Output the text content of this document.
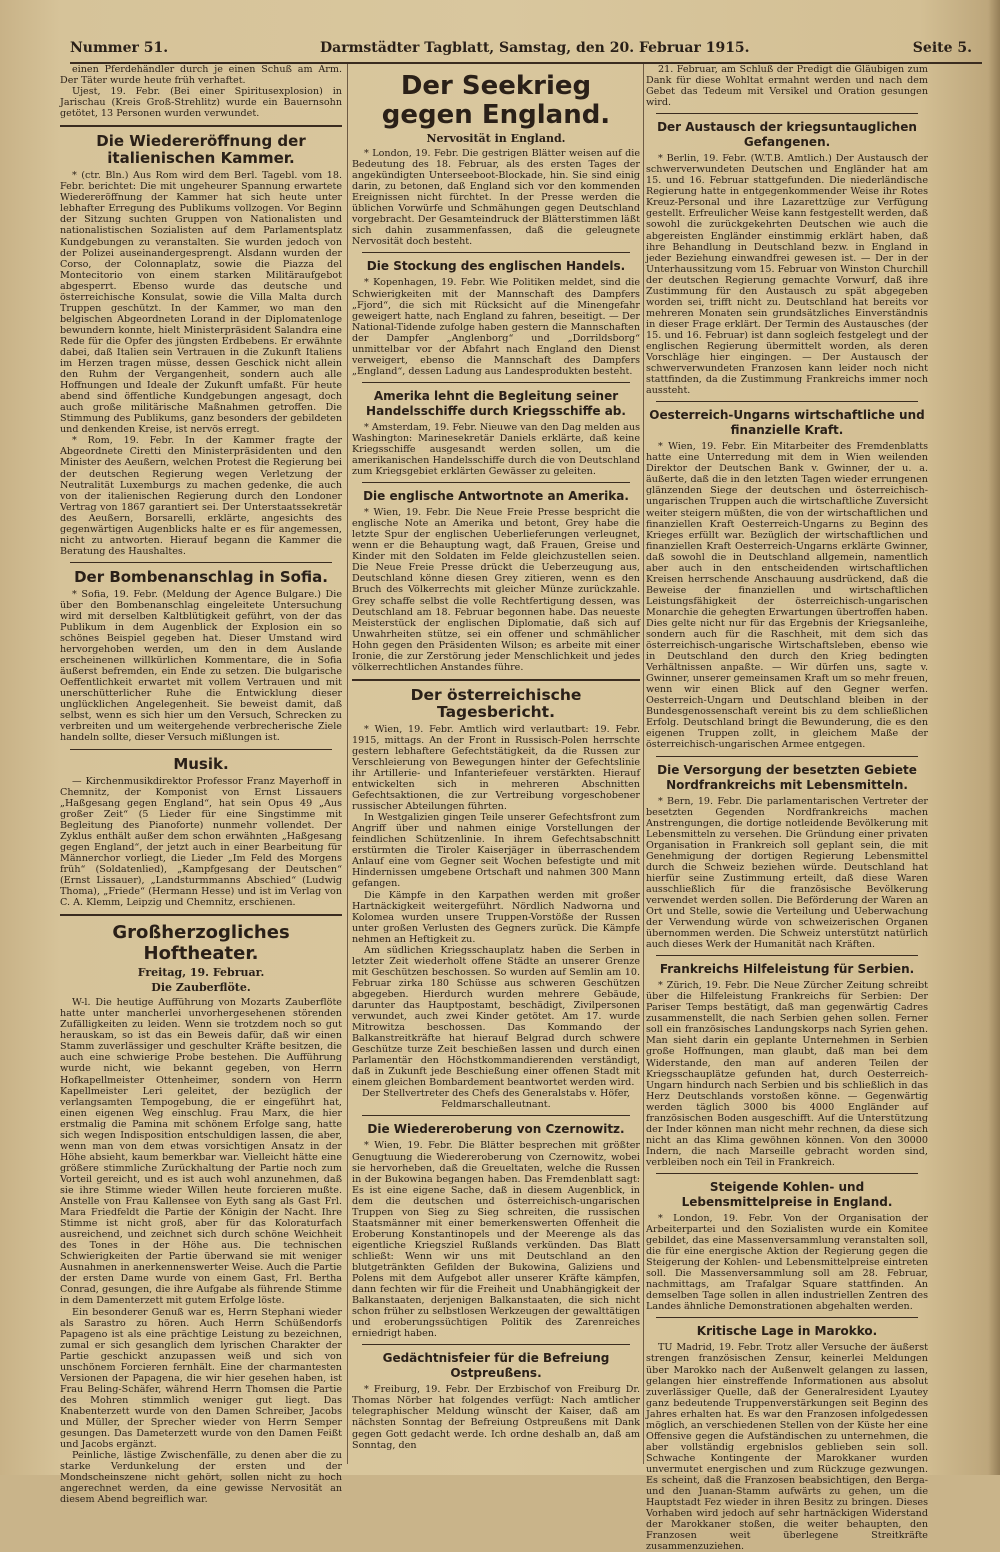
Nummer 51.	Darmstädter Tagblatt, Samstag, den 20. Februar 1915.	Seite 5.

einen Pferdehändler durch je einen Schuß am Arm. Der Täter wurde heute früh verhaftet.

Ujest, 19. Febr. (Bei einer Spiritusexplosion) in Jarischau (Kreis Groß-Strehlitz) wurde ein Bauernsohn getötet, 13 Personen wurden verwundet.

Die Wiedereröffnung der italienischen Kammer.

* (ctr. Bln.) Aus Rom wird dem Berl. Tagebl. vom 18. Febr. berichtet: Die mit ungeheurer Spannung erwartete Wiedereröffnung der Kammer hat sich heute unter lebhafter Erregung des Publikums vollzogen. Vor Beginn der Sitzung suchten Gruppen von Nationalisten und nationalistischen Sozialisten auf dem Parlamentsplatz Kundgebungen zu veranstalten. Sie wurden jedoch von der Polizei auseinandergesprengt. Alsdann wurden der Corso, der Colonnaplatz, sowie die Piazza del Montecitorio von einem starken Militäraufgebot abgesperrt. Ebenso wurde das deutsche und österreichische Konsulat, sowie die Villa Malta durch Truppen geschützt. In der Kammer, wo man den belgischen Abgeordneten Lorand in der Diplomatenloge bewundern konnte, hielt Ministerpräsident Salandra eine Rede für die Opfer des jüngsten Erdbebens. Er erwähnte dabei, daß Italien sein Vertrauen in die Zukunft Italiens im Herzen tragen müsse, dessen Geschick nicht allein den Ruhm der Vergangenheit, sondern auch alle Hoffnungen und Ideale der Zukunft umfaßt. Für heute abend sind öffentliche Kundgebungen angesagt, doch auch große militärische Maßnahmen getroffen. Die Stimmung des Publikums, ganz besonders der gebildeten und denkenden Kreise, ist nervös erregt.

* Rom, 19. Febr. In der Kammer fragte der Abgeordnete Ciretti den Ministerpräsidenten und den Minister des Aeußern, welchen Protest die Regierung bei der deutschen Regierung wegen Verletzung der Neutralität Luxemburgs zu machen gedenke, die auch von der italienischen Regierung durch den Londoner Vertrag von 1867 garantiert sei. Der Unterstaatssekretär des Aeußern, Borsarelli, erklärte, angesichts des gegenwärtigen Augenblicks halte er es für angemessen, nicht zu antworten. Hierauf begann die Kammer die Beratung des Haushaltes.

Der Bombenanschlag in Sofia.

* Sofia, 19. Febr. (Meldung der Agence Bulgare.) Die über den Bombenanschlag eingeleitete Untersuchung wird mit derselben Kaltblütigkeit geführt, von der das Publikum in dem Augenblick der Explosion ein so schönes Beispiel gegeben hat. Dieser Umstand wird hervorgehoben werden, um den in dem Auslande erscheinenen willkürlichen Kommentare, die in Sofia äußerst befremden, ein Ende zu setzen. Die bulgarische Oeffentlichkeit erwartet mit vollem Vertrauen und mit unerschütterlicher Ruhe die Entwicklung dieser unglücklichen Angelegenheit. Sie beweist damit, daß selbst, wenn es sich hier um den Versuch, Schrecken zu verbreiten und um weitergehende verbrecherische Ziele handeln sollte, dieser Versuch mißlungen ist.

Musik.

— Kirchenmusikdirektor Professor Franz Mayerhoff in Chemnitz, der Komponist von Ernst Lissauers „Haßgesang gegen England“, hat sein Opus 49 „Aus großer Zeit“ (5 Lieder für eine Singstimme mit Begleitung des Pianoforte) nunmehr vollendet. Der Zyklus enthält außer dem schon erwähnten „Haßgesang gegen England“, der jetzt auch in einer Bearbeitung für Männerchor vorliegt, die Lieder „Im Feld des Morgens früh“ (Soldatenlied), „Kampfgesang der Deutschen“ (Ernst Lissauer), „Landsturmmanns Abschied“ (Ludwig Thoma), „Friede“ (Hermann Hesse) und ist im Verlag von C. A. Klemm, Leipzig und Chemnitz, erschienen.

Großherzogliches Hoftheater.
Freitag, 19. Februar.
Die Zauberflöte.

W-l. Die heutige Aufführung von Mozarts Zauberflöte hatte unter mancherlei unvorhergesehenen störenden Zufälligkeiten zu leiden. Wenn sie trotzdem noch so gut herauskam, so ist das ein Beweis dafür, daß wir einen Stamm zuverlässiger und geschulter Kräfte besitzen, die auch eine schwierige Probe bestehen. Die Aufführung wurde nicht, wie bekannt gegeben, von Herrn Hofkapellmeister Ottenheimer, sondern von Herrn Kapellmeister Leri geleitet, der bezüglich der verlangsamten Tempogebung, die er eingeführt hat, einen eigenen Weg einschlug. Frau Marx, die hier erstmalig die Pamina mit schönem Erfolge sang, hatte sich wegen Indisposition entschuldigen lassen, die aber, wenn man von dem etwas vorsichtigen Ansatz in der Höhe absieht, kaum bemerkbar war. Vielleicht hätte eine größere stimmliche Zurückhaltung der Partie noch zum Vorteil gereicht, und es ist auch wohl anzunehmen, daß sie ihre Stimme wieder Willen heute forcieren mußte. Anstelle von Frau Kallensee von Eyth sang als Gast Frl. Mara Friedfeldt die Partie der Königin der Nacht. Ihre Stimme ist nicht groß, aber für das Koloraturfach ausreichend, und zeichnet sich durch schöne Weichheit des Tones in der Höhe aus. Die technischen Schwierigkeiten der Partie überwand sie mit weniger Ausnahmen in anerkennenswerter Weise. Auch die Partie der ersten Dame wurde von einem Gast, Frl. Bertha Conrad, gesungen, die ihre Aufgabe als führende Stimme in dem Damenterzett mit gutem Erfolge löste.

Ein besonderer Genuß war es, Herrn Stephani wieder als Sarastro zu hören. Auch Herrn Schüßendorfs Papageno ist als eine prächtige Leistung zu bezeichnen, zumal er sich gesanglich dem lyrischen Charakter der Partie geschickt anzupassen weiß und sich von unschönem Forcieren fernhält. Eine der charmantesten Versionen der Papagena, die wir hier gesehen haben, ist Frau Beling-Schäfer, während Herrn Thomsen die Partie des Mohren stimmlich weniger gut liegt. Das Knabenterzett wurde von den Damen Schreiber, Jacobs und Müller, der Sprecher wieder von Herrn Semper gesungen. Das Dameterzett wurde von den Damen Feißt und Jacobs ergänzt.

Peinliche, lästige Zwischenfälle, zu denen aber die zu starke Verdunkelung der ersten und der Mondscheinszene nicht gehört, sollen nicht zu hoch angerechnet werden, da eine gewisse Nervosität an diesem Abend begreiflich war.

Der Seekrieg gegen England.
Nervosität in England.

* London, 19. Febr. Die gestrigen Blätter weisen auf die Bedeutung des 18. Februar, als des ersten Tages der angekündigten Unterseeboot-Blockade, hin. Sie sind einig darin, zu betonen, daß England sich vor den kommenden Ereignissen nicht fürchtet. In der Presse werden die üblichen Vorwürfe und Schmähungen gegen Deutschland vorgebracht. Der Gesamteindruck der Blätterstimmen läßt sich dahin zusammenfassen, daß die geleugnete Nervosität doch besteht.

Die Stockung des englischen Handels.

* Kopenhagen, 19. Febr. Wie Politiken meldet, sind die Schwierigkeiten mit der Mannschaft des Dampfers „Fjord“, die sich mit Rücksicht auf die Minengefahr geweigert hatte, nach England zu fahren, beseitigt. — Der National-Tidende zufolge haben gestern die Mannschaften der Dampfer „Anglenborg“ und „Dorrildsborg“ unmittelbar vor der Abfahrt nach England den Dienst verweigert, ebenso die Mannschaft des Dampfers „England“, dessen Ladung aus Landesprodukten besteht.

Amerika lehnt die Begleitung seiner Handelsschiffe durch Kriegsschiffe ab.

* Amsterdam, 19. Febr. Nieuwe van den Dag melden aus Washington: Marinesekretär Daniels erklärte, daß keine Kriegsschiffe ausgesandt werden sollen, um die amerikanischen Handelsschiffe durch die von Deutschland zum Kriegsgebiet erklärten Gewässer zu geleiten.

Die englische Antwortnote an Amerika.

* Wien, 19. Febr. Die Neue Freie Presse bespricht die englische Note an Amerika und betont, Grey habe die letzte Spur der englischen Ueberlieferungen verleugnet, wenn er die Behauptung wagt, daß Frauen, Greise und Kinder mit den Soldaten im Felde gleichzustellen seien. Die Neue Freie Presse drückt die Ueberzeugung aus, Deutschland könne diesen Grey zitieren, wenn es den Bruch des Völkerrechts mit gleicher Münze zurückzahle. Grey schaffe selbst die volle Rechtfertigung dessen, was Deutschland am 18. Februar begonnen habe. Das neueste Meisterstück der englischen Diplomatie, daß sich auf Unwahrheiten stütze, sei ein offener und schmählicher Hohn gegen den Präsidenten Wilson; es arbeite mit einer Ironie, die zur Zerstörung jeder Menschlichkeit und jedes völkerrechtlichen Anstandes führe.

Der österreichische Tagesbericht.

* Wien, 19. Febr. Amtlich wird verlautbart: 19. Febr. 1915, mittags. An der Front in Russisch-Polen herrschte gestern lebhaftere Gefechtstätigkeit, da die Russen zur Verschleierung von Bewegungen hinter der Gefechtslinie ihr Artillerie- und Infanteriefeuer verstärkten. Hierauf entwickelten sich in mehreren Abschnitten Gefechtsaktionen, die zur Vertreibung vorgeschobener russischer Abteilungen führten.

In Westgalizien gingen Teile unserer Gefechtsfront zum Angriff über und nahmen einige Vorstellungen der feindlichen Schützenlinie. In ihrem Gefechtsabschnitt erstürmten die Tiroler Kaiserjäger in überraschendem Anlauf eine vom Gegner seit Wochen befestigte und mit Hindernissen umgebene Ortschaft und nahmen 300 Mann gefangen.

Die Kämpfe in den Karpathen werden mit großer Hartnäckigkeit weitergeführt. Nördlich Nadworna und Kolomea wurden unsere Truppen-Vorstöße der Russen unter großen Verlusten des Gegners zurück. Die Kämpfe nehmen an Heftigkeit zu.

Am südlichen Kriegsschauplatz haben die Serben in letzter Zeit wiederholt offene Städte an unserer Grenze mit Geschützen beschossen. So wurden auf Semlin am 10. Februar zirka 180 Schüsse aus schweren Geschützen abgegeben. Hierdurch wurden mehrere Gebäude, darunter das Hauptpostamt, beschädigt, Zivilpersonen verwundet, auch zwei Kinder getötet. Am 17. wurde Mitrowitza beschossen. Das Kommando der Balkanstreitkräfte hat hierauf Belgrad durch schwere Geschütze turze Zeit beschießen lassen und durch einen Parlamentär den Höchstkommandierenden verständigt, daß in Zukunft jede Beschießung einer offenen Stadt mit einem gleichen Bombardement beantwortet werden wird.

Der Stellvertreter des Chefs des Generalstabs v. Höfer, Feldmarschalleutnant.

Die Wiedereroberung von Czernowitz.

* Wien, 19. Febr. Die Blätter besprechen mit größter Genugtuung die Wiedereroberung von Czernowitz, wobei sie hervorheben, daß die Greueltaten, welche die Russen in der Bukowina begangen haben. Das Fremdenblatt sagt: Es ist eine eigene Sache, daß in diesem Augenblick, in dem die deutschen und österreichisch-ungarischen Truppen von Sieg zu Sieg schreiten, die russischen Staatsmänner mit einer bemerkenswerten Offenheit die Eroberung Konstantinopels und der Meerenge als das eigentliche Kriegsziel Rußlands verkünden. Das Blatt schließt: Wenn wir uns mit Deutschland an den blutgetränkten Gefilden der Bukowina, Galiziens und Polens mit dem Aufgebot aller unserer Kräfte kämpfen, dann fechten wir für die Freiheit und Unabhängigkeit der Balkanstaaten, derjenigen Balkanstaaten, die sich nicht schon früher zu selbstlosen Werkzeugen der gewalttätigen und eroberungssüchtigen Politik des Zarenreiches erniedrigt haben.

Gedächtnisfeier für die Befreiung Ostpreußens.

* Freiburg, 19. Febr. Der Erzbischof von Freiburg Dr. Thomas Nörber hat folgendes verfügt: Nach amtlicher telegraphischer Meldung wünscht der Kaiser, daß am nächsten Sonntag der Befreiung Ostpreußens mit Dank gegen Gott gedacht werde. Ich ordne deshalb an, daß am Sonntag, den

21. Februar, am Schluß der Predigt die Gläubigen zum Dank für diese Wohltat ermahnt werden und nach dem Gebet das Tedeum mit Versikel und Oration gesungen wird.

Der Austausch der kriegsuntauglichen Gefangenen.

* Berlin, 19. Febr. (W.T.B. Amtlich.) Der Austausch der schwerverwundeten Deutschen und Engländer hat am 15. und 16. Februar stattgefunden. Die niederländische Regierung hatte in entgegenkommender Weise ihr Rotes Kreuz-Personal und ihre Lazarettzüge zur Verfügung gestellt. Erfreulicher Weise kann festgestellt werden, daß sowohl die zurückgekehrten Deutschen wie auch die abgereisten Engländer einstimmig erklärt haben, daß ihre Behandlung in Deutschland bezw. in England in jeder Beziehung einwandfrei gewesen ist. — Der in der Unterhaussitzung vom 15. Februar von Winston Churchill der deutschen Regierung gemachte Vorwurf, daß ihre Zustimmung für den Austausch zu spät abgegeben worden sei, trifft nicht zu. Deutschland hat bereits vor mehreren Monaten sein grundsätzliches Einverständnis in dieser Frage erklärt. Der Termin des Austausches (der 15. und 16. Februar) ist dann sogleich festgelegt und der englischen Regierung übermittelt worden, als deren Vorschläge hier eingingen. — Der Austausch der schwerverwundeten Franzosen kann leider noch nicht stattfinden, da die Zustimmung Frankreichs immer noch aussteht.

Oesterreich-Ungarns wirtschaftliche und finanzielle Kraft.

* Wien, 19. Febr. Ein Mitarbeiter des Fremdenblatts hatte eine Unterredung mit dem in Wien weilenden Direktor der Deutschen Bank v. Gwinner, der u. a. äußerte, daß die in den letzten Tagen wieder errungenen glänzenden Siege der deutschen und österreichisch-ungarischen Truppen auch die wirtschaftliche Zuversicht weiter steigern müßten, die von der wirtschaftlichen und finanziellen Kraft Oesterreich-Ungarns zu Beginn des Krieges erfüllt war. Bezüglich der wirtschaftlichen und finanziellen Kraft Oesterreich-Ungarns erklärte Gwinner, daß sowohl die in Deutschland allgemein, namentlich aber auch in den entscheidenden wirtschaftlichen Kreisen herrschende Anschauung ausdrückend, daß die Beweise der finanziellen und wirtschaftlichen Leistungsfähigkeit der österreichisch-ungarischen Monarchie die gehegten Erwartungen übertroffen haben. Dies gelte nicht nur für das Ergebnis der Kriegsanleihe, sondern auch für die Raschheit, mit dem sich das österreichisch-ungarische Wirtschaftsleben, ebenso wie in Deutschland den durch den Krieg bedingten Verhältnissen anpaßte. — Wir dürfen uns, sagte v. Gwinner, unserer gemeinsamen Kraft um so mehr freuen, wenn wir einen Blick auf den Gegner werfen. Oesterreich-Ungarn und Deutschland bleiben in der Bundesgenossenschaft vereint bis zu dem schließlichen Erfolg. Deutschland bringt die Bewunderung, die es den eigenen Truppen zollt, in gleichem Maße der österreichisch-ungarischen Armee entgegen.

Die Versorgung der besetzten Gebiete Nordfrankreichs mit Lebensmitteln.

* Bern, 19. Febr. Die parlamentarischen Vertreter der besetzten Gegenden Nordfrankreichs machen Anstrengungen, die dortige notleidende Bevölkerung mit Lebensmitteln zu versehen. Die Gründung einer privaten Organisation in Frankreich soll geplant sein, die mit Genehmigung der dortigen Regierung Lebensmittel durch die Schweiz beziehen würde. Deutschland hat hierfür seine Zustimmung erteilt, daß diese Waren ausschließlich für die französische Bevölkerung verwendet werden sollen. Die Beförderung der Waren an Ort und Stelle, sowie die Verteilung und Ueberwachung der Verwendung würde von schweizerischen Organen übernommen werden. Die Schweiz unterstützt natürlich auch dieses Werk der Humanität nach Kräften.

Frankreichs Hilfeleistung für Serbien.

* Zürich, 19. Febr. Die Neue Zürcher Zeitung schreibt über die Hilfeleistung Frankreichs für Serbien: Der Pariser Temps bestätigt, daß man gegenwärtig Cadres zusammenstellt, die nach Serbien gehen sollen. Ferner soll ein französisches Landungskorps nach Syrien gehen. Man sieht darin ein geplante Unternehmen in Serbien große Hoffnungen, man glaubt, daß man bei dem Widerstande, den man auf anderen Teilen der Kriegsschauplätze gefunden hat, durch Oesterreich-Ungarn hindurch nach Serbien und bis schließlich in das Herz Deutschlands vorstoßen könne. — Gegenwärtig werden täglich 3000 bis 4000 Engländer auf französischen Boden ausgeschifft. Auf die Unterstützung der Inder können man nicht mehr rechnen, da diese sich nicht an das Klima gewöhnen können. Von den 30000 Indern, die nach Marseille gebracht worden sind, verbleiben noch ein Teil in Frankreich.

Steigende Kohlen- und Lebensmittelpreise in England.

* London, 19. Febr. Von der Organisation der Arbeiterpartei und den Sozialisten wurde ein Komitee gebildet, das eine Massenversammlung veranstalten soll, die für eine energische Aktion der Regierung gegen die Steigerung der Kohlen- und Lebensmittelpreise eintreten soll. Die Massenversammlung soll am 28. Februar, nachmittags, am Trafalgar Square stattfinden. An demselben Tage sollen in allen industriellen Zentren des Landes ähnliche Demonstrationen abgehalten werden.

Kritische Lage in Marokko.

TU Madrid, 19. Febr. Trotz aller Versuche der äußerst strengen französischen Zensur, keinerlei Meldungen über Marokko nach der Außenwelt gelangen zu lassen, gelangen hier einstreffende Informationen aus absolut zuverlässiger Quelle, daß der Generalresident Lyautey ganz bedeutende Truppenverstärkungen seit Beginn des Jahres erhalten hat. Es war den Franzosen infolgedessen möglich, an verschiedenen Stellen von der Küste her eine Offensive gegen die Aufständischen zu unternehmen, die aber vollständig ergebnislos geblieben sein soll. Schwache Kontingente der Marokkaner wurden unvermutet energischen und zum Rückzuge gezwungen. Es scheint, daß die Franzosen beabsichtigen, den Berga- und den Juanan-Stamm aufwärts zu gehen, um die Hauptstadt Fez wieder in ihren Besitz zu bringen. Dieses Vorhaben wird jedoch auf sehr hartnäckigen Widerstand der Marokkaner stoßen, die weiter behaupten, den Franzosen weit überlegene Streitkräfte zusammenzuziehen.
